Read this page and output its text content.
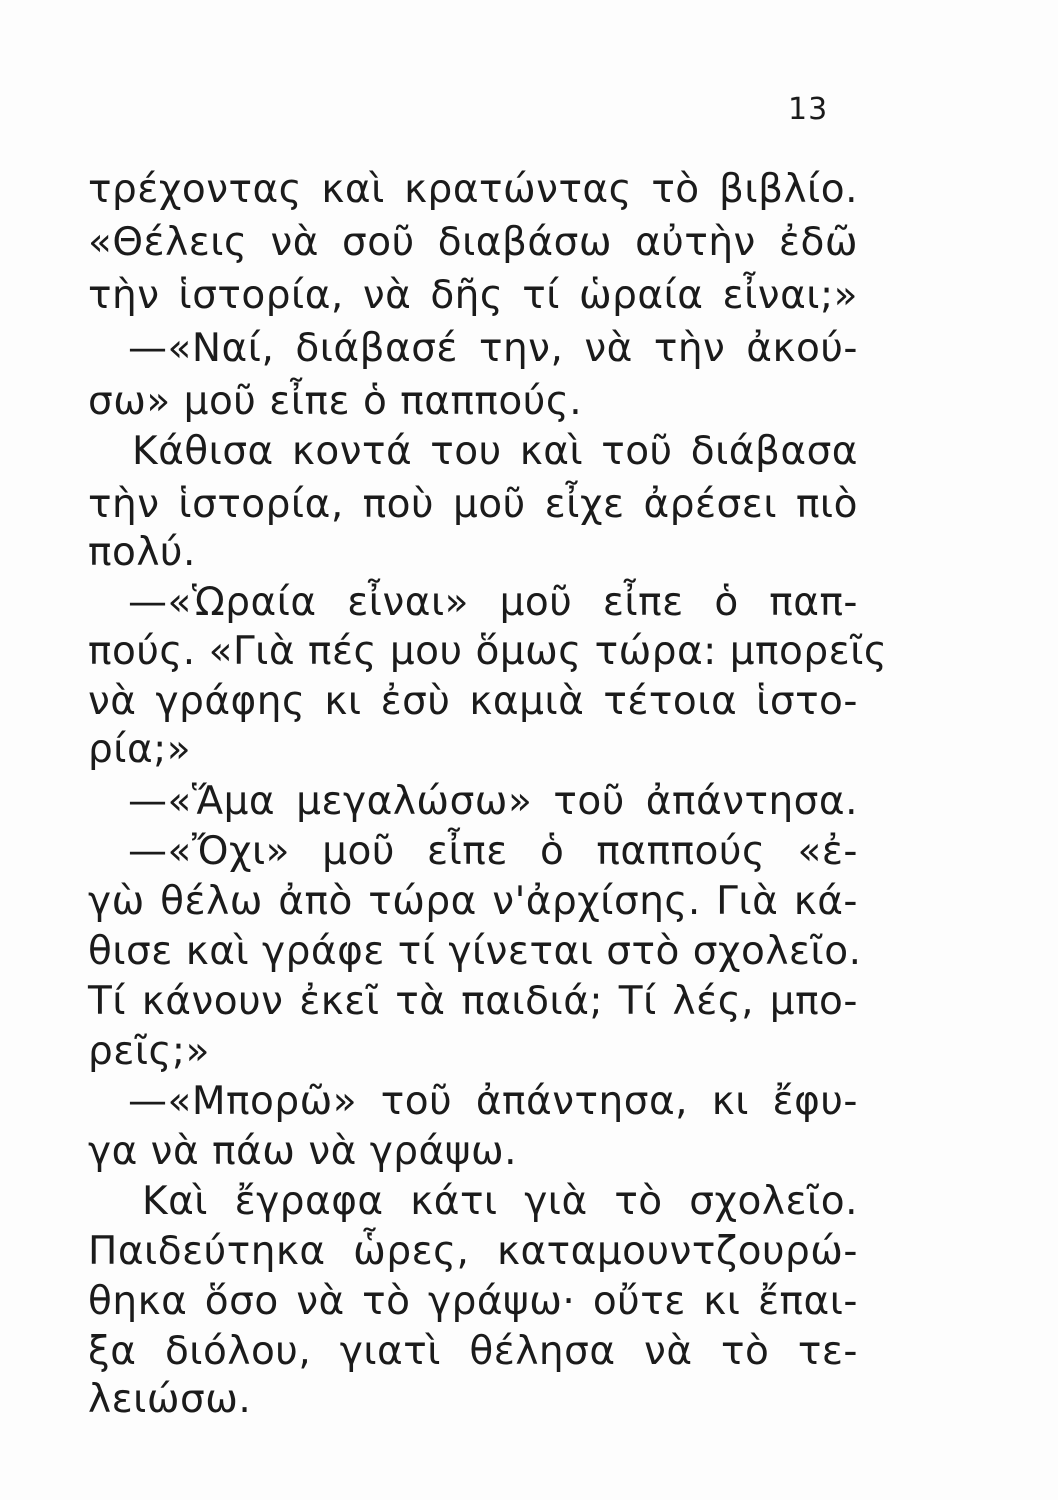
13
τρέχοντας καὶ κρατώντας τὸ βιβλίο.
«Θέλεις νὰ σοῦ διαβάσω αὐτὴν ἐδῶ
τὴν ἱστορία, νὰ δῆς τί ὡραία εἶναι;»
—«Ναί, διάβασέ την, νὰ τὴν ἀκού-
σω» μοῦ εἶπε ὁ παππούς.
Κάθισα κοντά του καὶ τοῦ διάβασα
τὴν ἱστορία, ποὺ μοῦ εἶχε ἀρέσει πιὸ
πολύ.
—«Ὡραία εἶναι» μοῦ εἶπε ὁ παπ-
πούς. «Γιὰ πές μου ὅμως τώρα: μπορεῖς
νὰ γράφης κι ἐσὺ καμιὰ τέτοια ἱστο-
ρία;»
—«Ἅμα μεγαλώσω» τοῦ ἀπάντησα.
—«Ὄχι» μοῦ εἶπε ὁ παππούς «ἐ-
γὼ θέλω ἀπὸ τώρα ν'ἀρχίσης. Γιὰ κά-
θισε καὶ γράφε τί γίνεται στὸ σχολεῖο.
Τί κάνουν ἐκεῖ τὰ παιδιά; Τί λές, μπο-
ρεῖς;»
—«Μπορῶ» τοῦ ἀπάντησα, κι ἔφυ-
γα νὰ πάω νὰ γράψω.
Καὶ ἔγραφα κάτι γιὰ τὸ σχολεῖο.
Παιδεύτηκα ὧρες, καταμουντζουρώ-
θηκα ὅσο νὰ τὸ γράψω· οὔτε κι ἔπαι-
ξα διόλου, γιατὶ θέλησα νὰ τὸ τε-
λειώσω.
